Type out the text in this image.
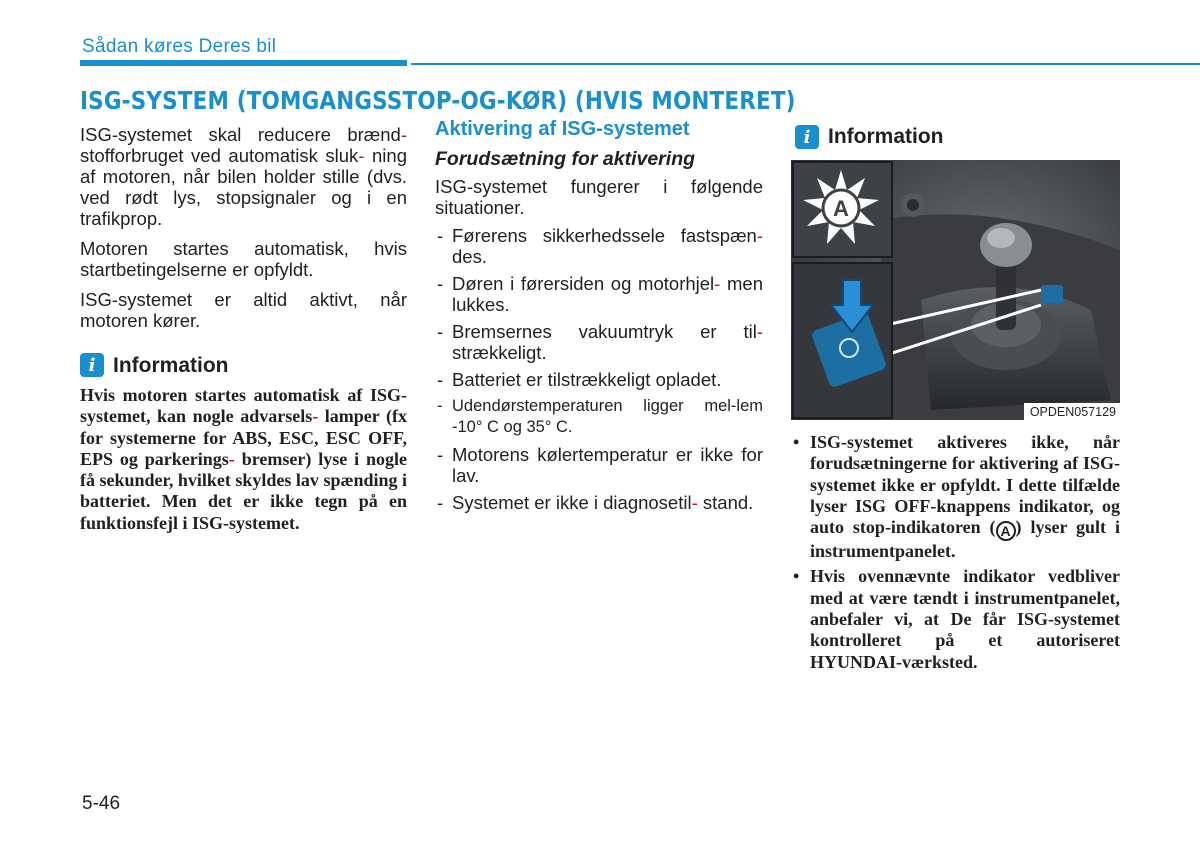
Sådan køres Deres bil
ISG-SYSTEM (TOMGANGSSTOP-OG-KØR) (HVIS MONTERET)

ISG-systemet skal reducere brænd- stofforbruget ved automatisk sluk- ning af motoren, når bilen holder stille (dvs. ved rødt lys, stopsignaler og i en trafikprop.

Motoren startes automatisk, hvis startbetingelserne er opfyldt.

ISG-systemet er altid aktivt, når motoren kører.

i Information

Hvis motoren startes automatisk af ISG-systemet, kan nogle advarsels- lamper (fx for systemerne for ABS, ESC, ESC OFF, EPS og parkerings- bremser) lyse i nogle få sekunder, hvilket skyldes lav spænding i batteriet. Men det er ikke tegn på en funktionsfejl i ISG-systemet.

Aktivering af ISG-systemet
Forudsætning for aktivering

ISG-systemet fungerer i følgende situationer.

- Førerens sikkerhedssele fastspæn- des.
- Døren i førersiden og motorhjel- men lukkes.
- Bremsernes vakuumtryk er til- strækkeligt.
- Batteriet er tilstrækkeligt opladet.
- Udendørstemperaturen ligger mel-lem -10° C og 35° C.
- Motorens kølertemperatur er ikke for lav.
- Systemet er ikke i diagnosetil- stand.
i Information
A
OPDEN057129
• ISG-systemet aktiveres ikke, når forudsætningerne for aktivering af ISG-systemet ikke er opfyldt. I dette tilfælde lyser ISG OFF-knappens indikator, og auto stop-indikatoren ( A ) lyser gult i instrumentpanelet.
• Hvis ovennævnte indikator vedbliver med at være tændt i instrumentpanelet, anbefaler vi, at De får ISG-systemet kontrolleret på et autoriseret HYUNDAI-værksted.
5-46
